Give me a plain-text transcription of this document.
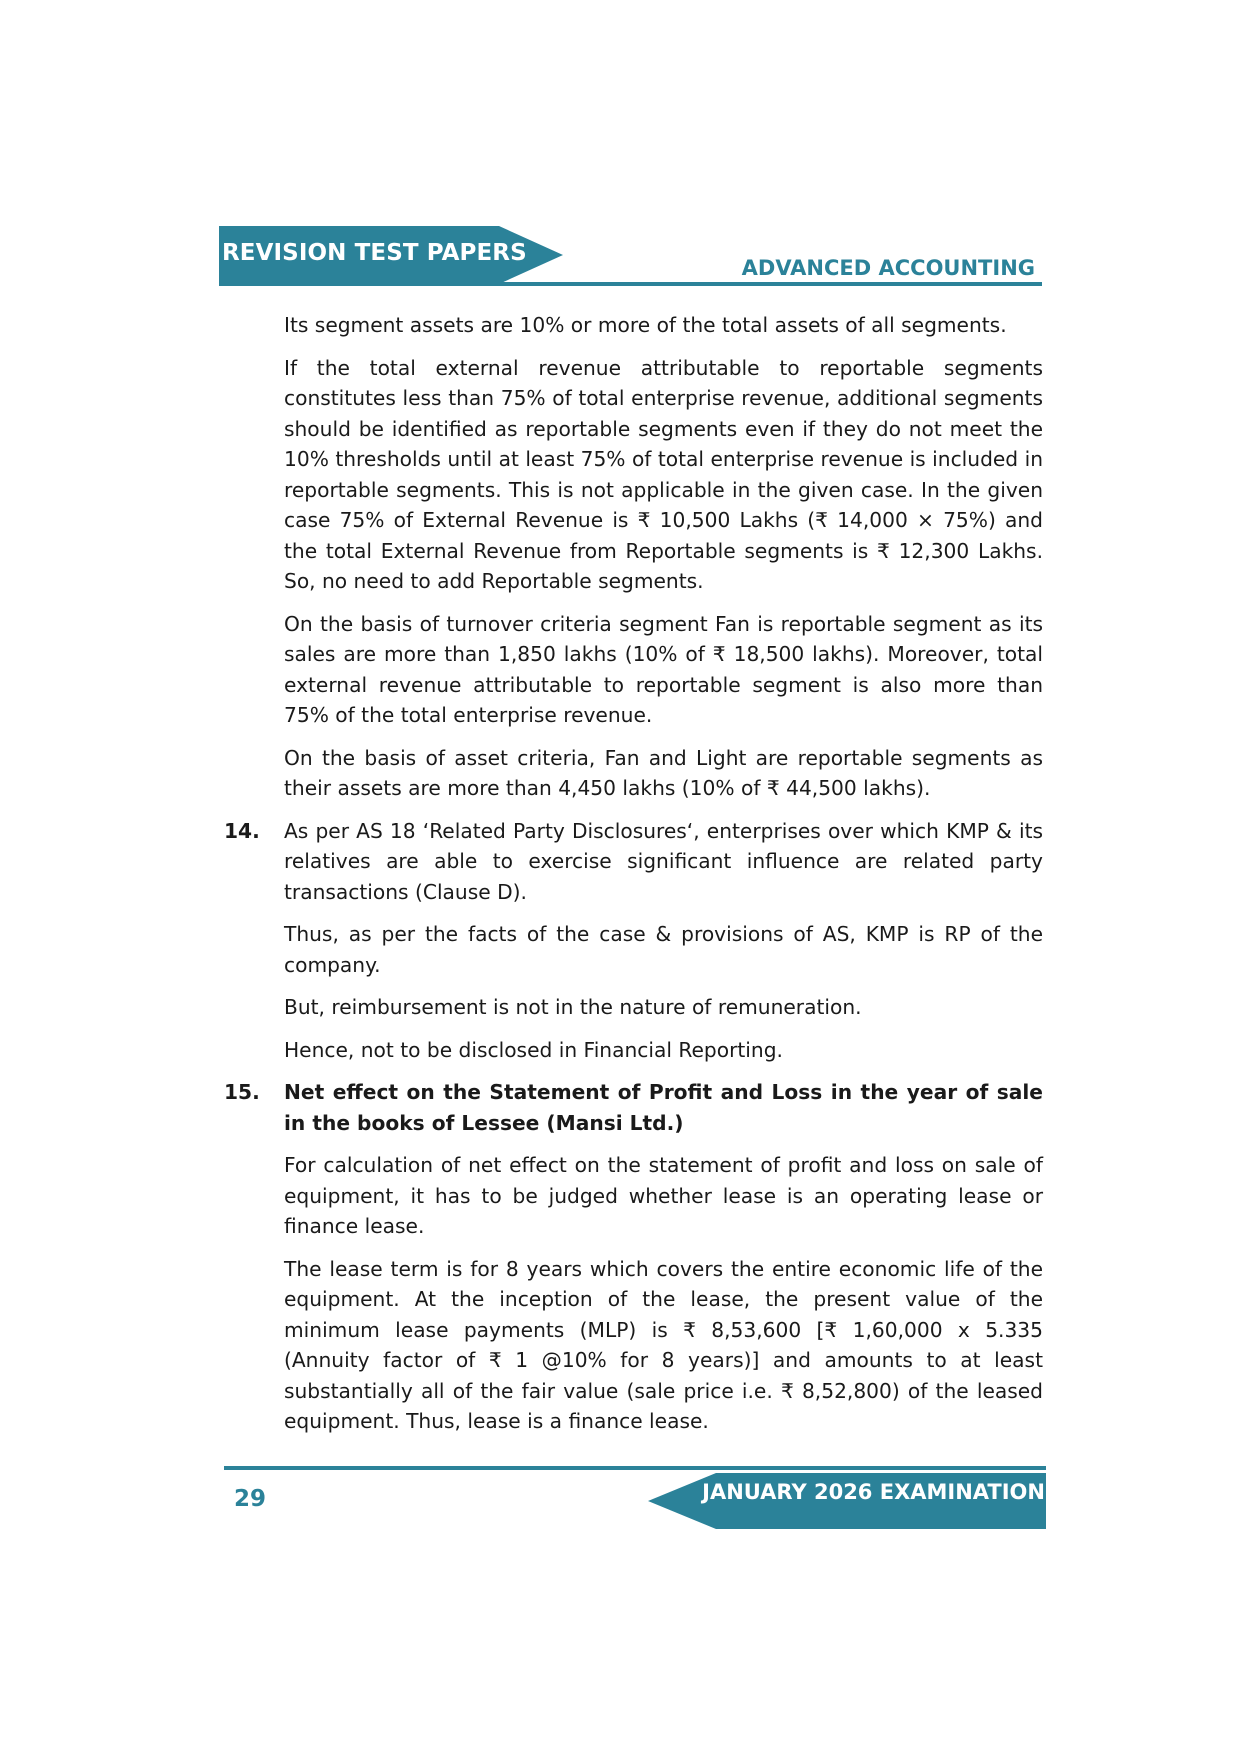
REVISION TEST PAPERS
ADVANCED ACCOUNTING
Its segment assets are 10% or more of the total assets of all segments.
If the total external revenue attributable to reportable segments constitutes less than 75% of total enterprise revenue, additional segments should be identified as reportable segments even if they do not meet the 10% thresholds until at least 75% of total enterprise revenue is included in reportable segments. This is not applicable in the given case. In the given case 75% of External Revenue is ₹ 10,500 Lakhs (₹ 14,000 × 75%) and the total External Revenue from Reportable segments is ₹ 12,300 Lakhs. So, no need to add Reportable segments.
On the basis of turnover criteria segment Fan is reportable segment as its sales are more than 1,850 lakhs (10% of ₹ 18,500 lakhs). Moreover, total external revenue attributable to reportable segment is also more than 75% of the total enterprise revenue.
On the basis of asset criteria, Fan and Light are reportable segments as their assets are more than 4,450 lakhs (10% of ₹ 44,500 lakhs).
14.	As per AS 18 ‘Related Party Disclosures‘, enterprises over which KMP & its relatives are able to exercise significant influence are related party transactions (Clause D).
Thus, as per the facts of the case & provisions of AS, KMP is RP of the company.
But, reimbursement is not in the nature of remuneration.
Hence, not to be disclosed in Financial Reporting.
15.	Net effect on the Statement of Profit and Loss in the year of sale in the books of Lessee (Mansi Ltd.)
For calculation of net effect on the statement of profit and loss on sale of equipment, it has to be judged whether lease is an operating lease or finance lease.
The lease term is for 8 years which covers the entire economic life of the equipment. At the inception of the lease, the present value of the minimum lease payments (MLP) is ₹ 8,53,600 [₹ 1,60,000 x 5.335 (Annuity factor of ₹ 1 @10% for 8 years)] and amounts to at least substantially all of the fair value (sale price i.e. ₹ 8,52,800) of the leased equipment. Thus, lease is a finance lease.
29	JANUARY 2026 EXAMINATION
